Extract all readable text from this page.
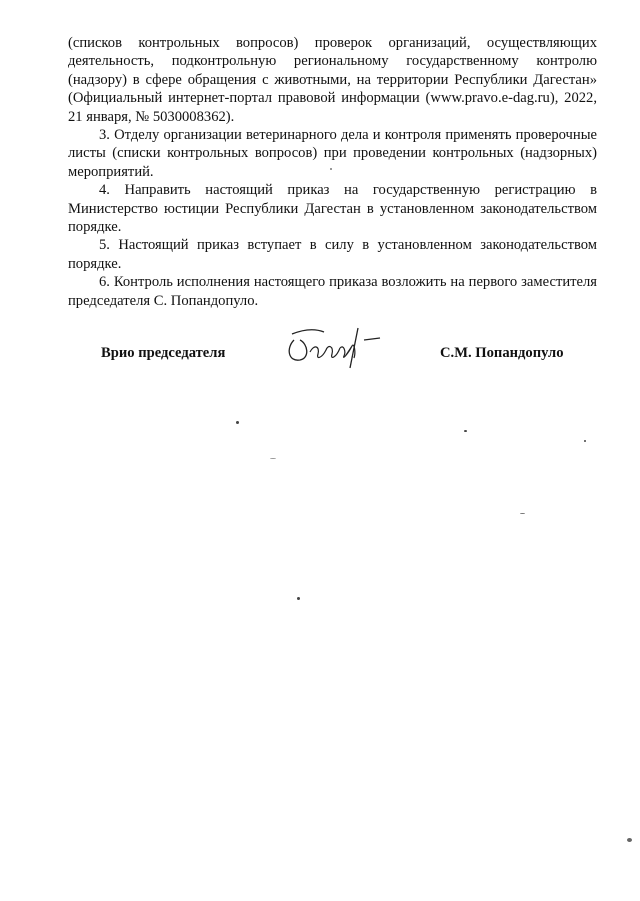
(списков контрольных вопросов) проверок организаций, осуществляющих деятельность, подконтрольную региональному государственному контролю (надзору) в сфере обращения с животными, на территории Республики Дагестан» (Официальный интернет-портал правовой информации (www.pravo.e-dag.ru), 2022, 21 января, № 5030008362).

3. Отделу организации ветеринарного дела и контроля применять проверочные листы (списки контрольных вопросов) при проведении контрольных (надзорных) мероприятий.

4. Направить настоящий приказ на государственную регистрацию в Министерство юстиции Республики Дагестан в установленном законодательством порядке.

5. Настоящий приказ вступает в силу в установленном законодательством порядке.

6. Контроль исполнения настоящего приказа возложить на первого заместителя председателя С. Попандопуло.

Врио председателя	С.М. Попандопуло
